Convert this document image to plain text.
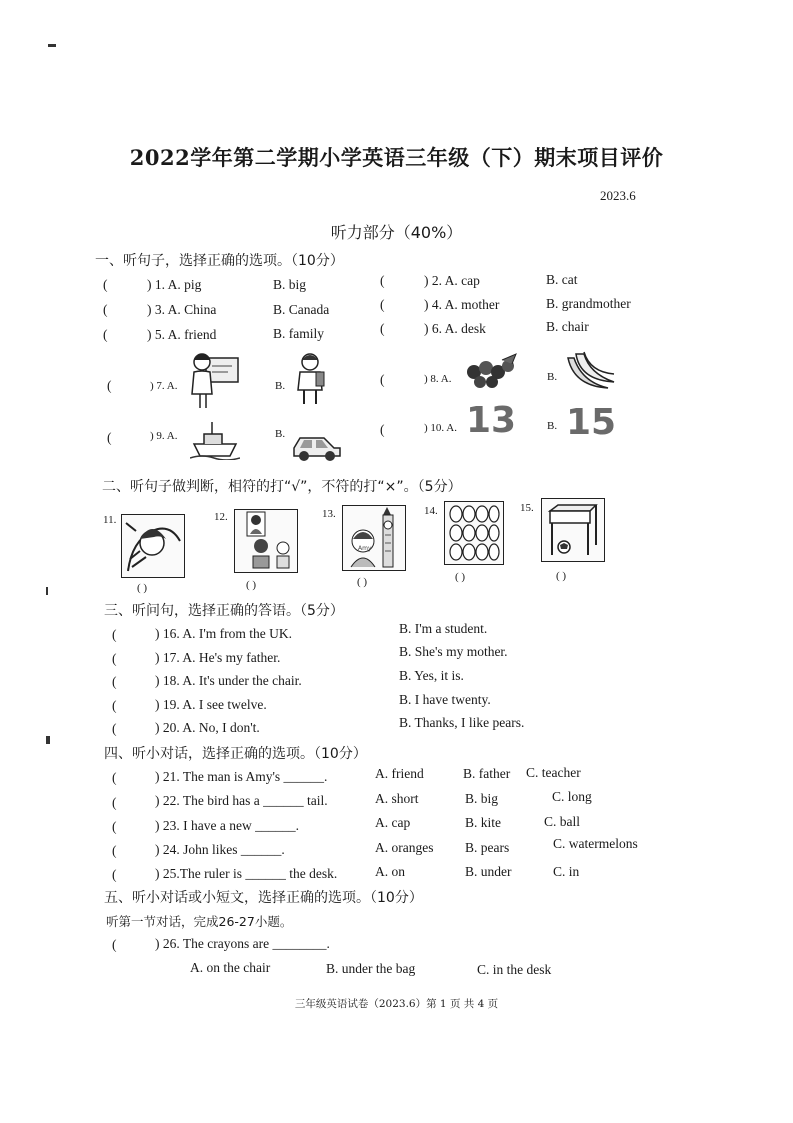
2022学年第二学期小学英语三年级（下）期末项目评价
2023.6
听力部分（40%）
一、听句子，选择正确的选项。（10分）
(	) 1. A. pig	B. big	(	) 2. A. cap	B. cat
(	) 3. A. China	B. Canada	(	) 4. A. mother	B. grandmother
(	) 5. A. friend	B. family	(	) 6. A. desk	B. chair
(	) 7. A.	B.	(	) 8. A.	B.
(	) 9. A.	B.	(	) 10. A. 13	B. 15
二、听句子做判断，相符的打“√”，不符的打“×”。（5分）
11.
( )
12.
( )
13.
Amy
( )
14.
( )
15.
( )
三、听问句，选择正确的答语。（5分）
(	) 16. A. I'm from the UK.	B. I'm a student.
(	) 17. A. He's my father.	B. She's my mother.
(	) 18. A. It's under the chair.	B. Yes, it is.
(	) 19. A. I see twelve.	B. I have twenty.
(	) 20. A. No, I don't.	B. Thanks, I like pears.
四、听小对话，选择正确的选项。（10分）
(	) 21. The man is Amy's ______.	A. friend	B. father C. teacher
(	) 22. The bird has a ______ tail.	A. short	B. big	C. long
(	) 23. I have a new ______.	A. cap	B. kite	C. ball
(	) 24. John likes ______.	A. oranges B. pears	C. watermelons
(	) 25.The ruler is ______ the desk.	A. on	B. under	C. in
五、听小对话或小短文，选择正确的选项。（10分）
听第一节对话，完成26-27小题。
(	) 26. The crayons are ________.
A. on the chair	B. under the bag	C. in the desk
三年级英语试卷（2023.6）第 1 页 共 4 页
